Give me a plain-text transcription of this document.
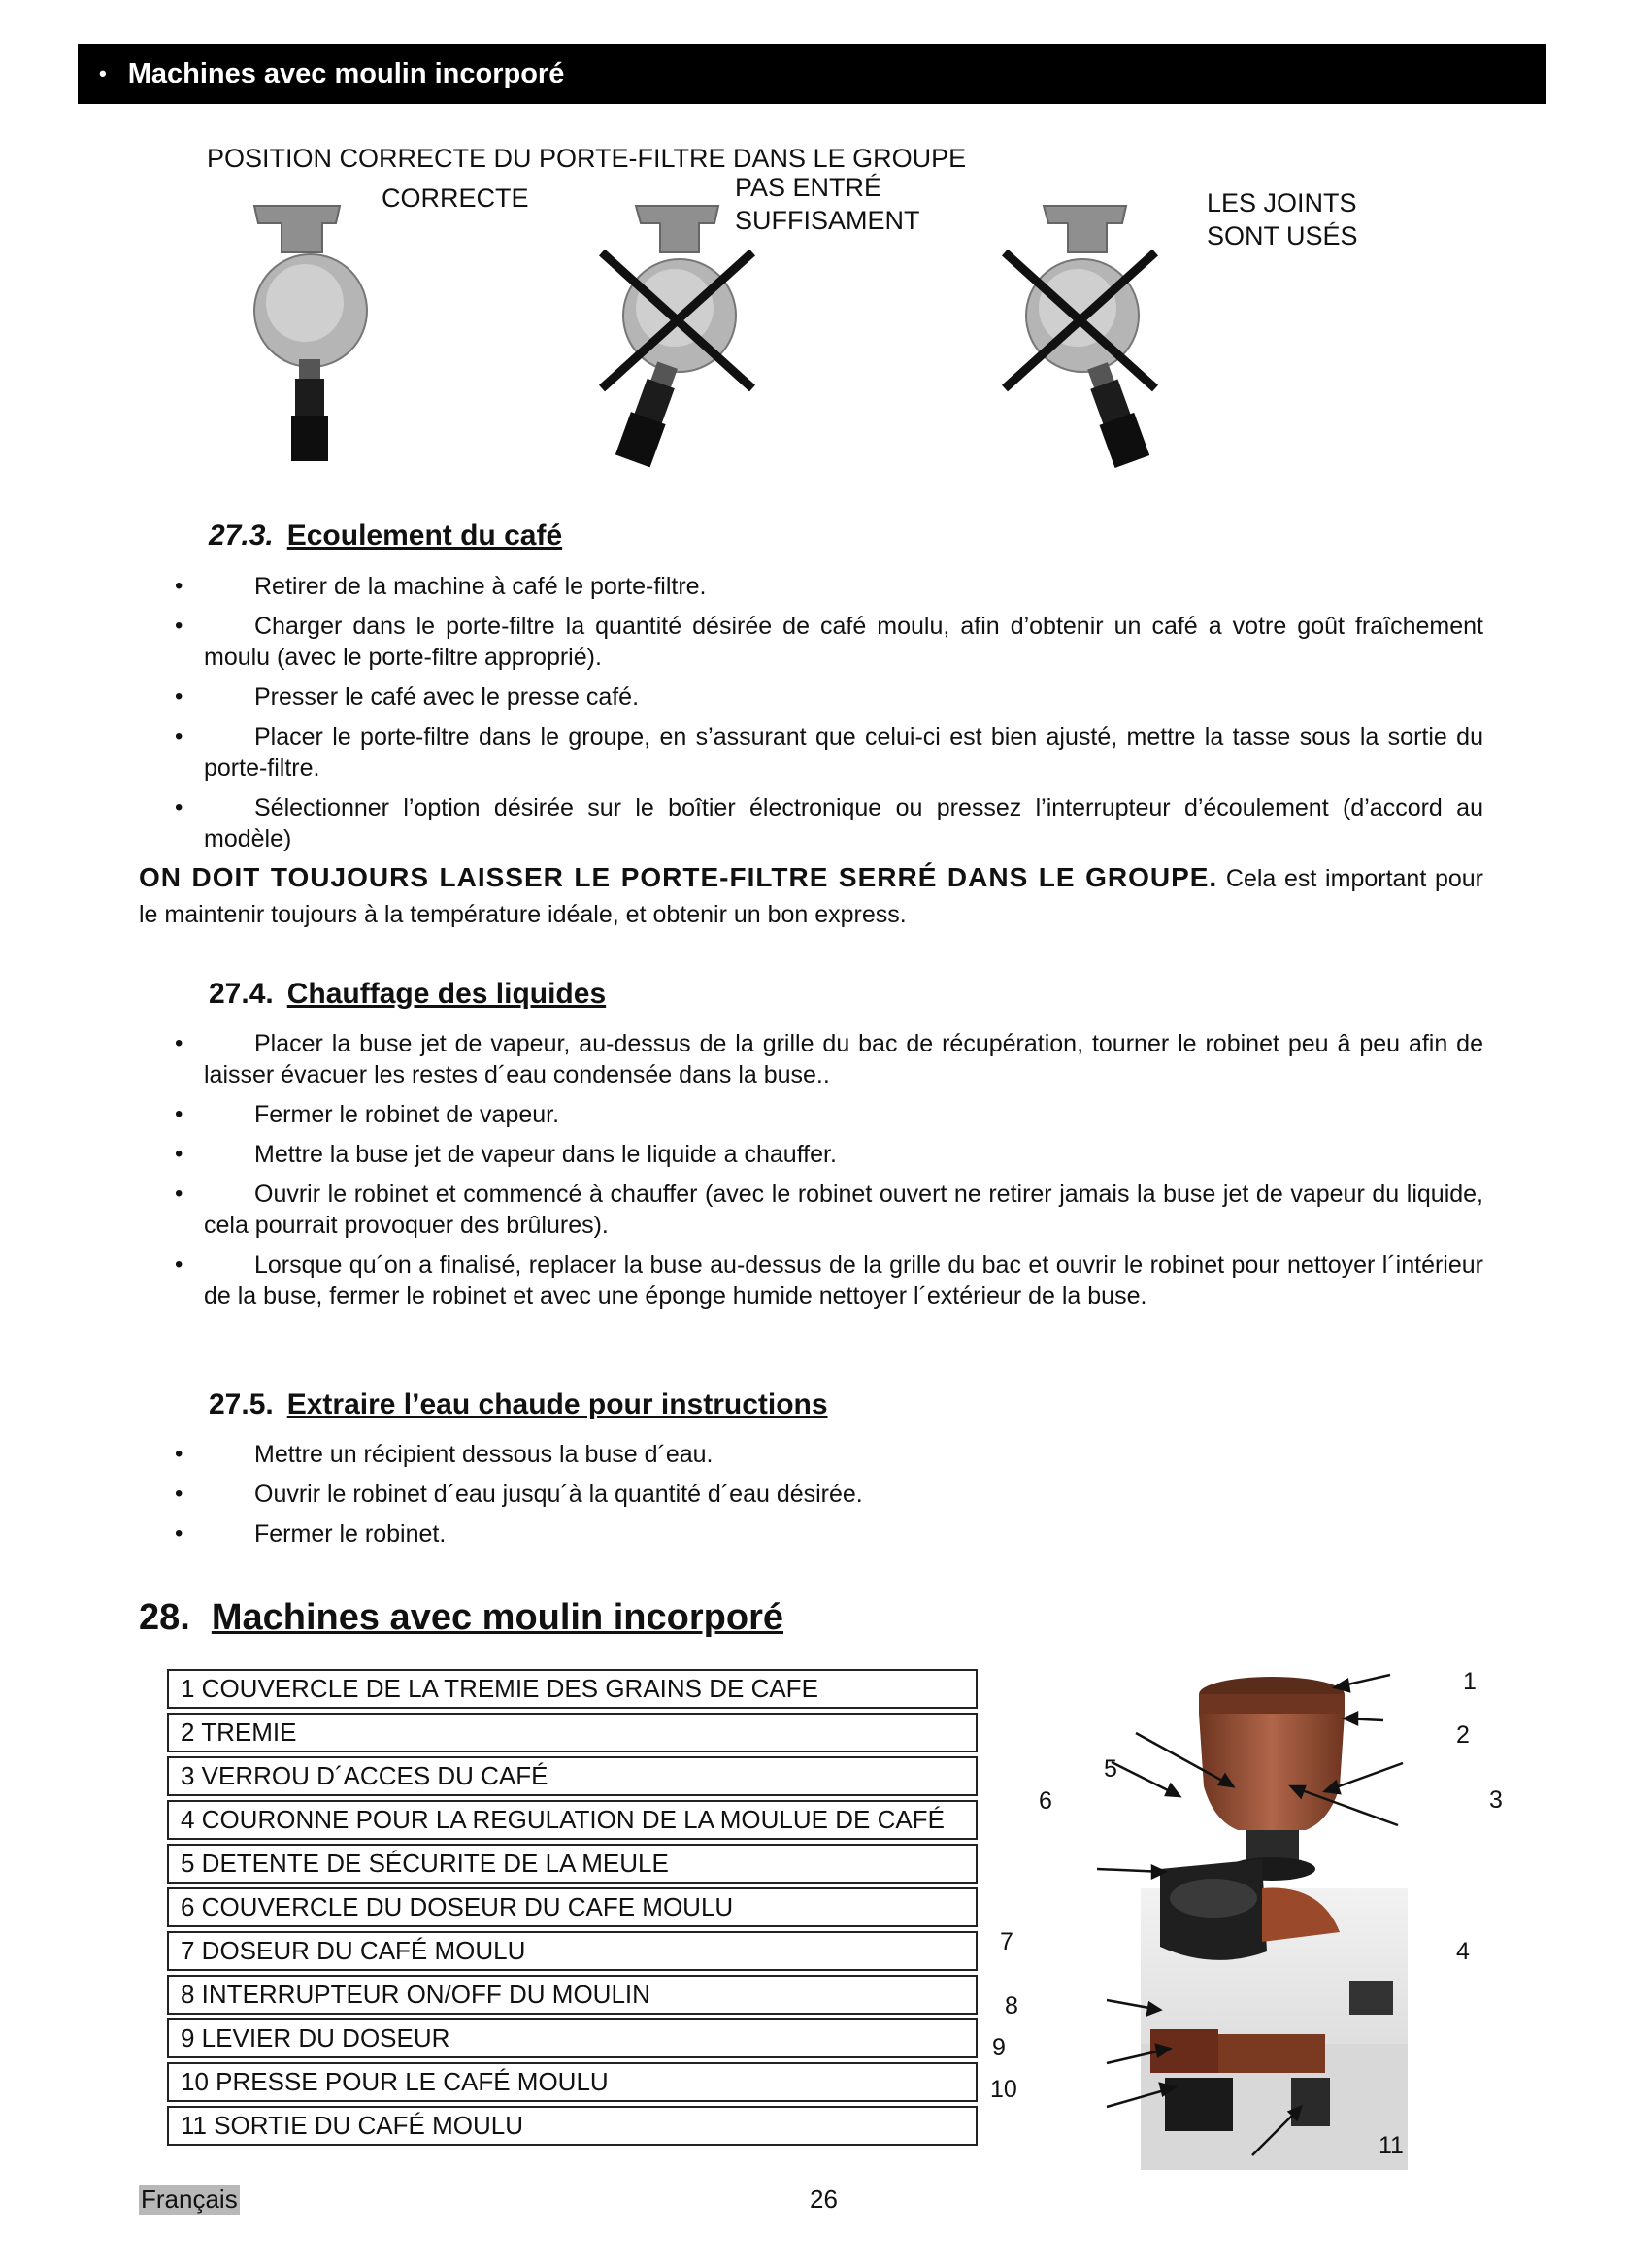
• Machines avec moulin incorporé
POSITION CORRECTE DU PORTE-FILTRE DANS LE GROUPE
CORRECTE	PAS ENTRÉ
SUFFISAMENT
LES JOINTS
SONT USÉS
27.3. Ecoulement du café
• Retirer de la machine à café le porte-filtre.
• Charger dans le porte-filtre la quantité désirée de café moulu, afin d’obtenir un café a votre goût fraîchement moulu (avec le porte-filtre approprié).
• Presser le café avec le presse café.
• Placer le porte-filtre dans le groupe, en s’assurant que celui-ci est bien ajusté, mettre la tasse sous la sortie du porte-filtre.
• Sélectionner l’option désirée sur le boîtier électronique ou pressez l’interrupteur d’écoulement (d’accord au modèle)
ON DOIT TOUJOURS LAISSER LE PORTE-FILTRE SERRÉ DANS LE GROUPE. Cela est important pour le maintenir toujours à la température idéale, et obtenir un bon express.
27.4. Chauffage des liquides
• Placer la buse jet de vapeur, au-dessus de la grille du bac de récupération, tourner le robinet peu â peu afin de laisser évacuer les restes d´eau condensée dans la buse..
• Fermer le robinet de vapeur.
• Mettre la buse jet de vapeur dans le liquide a chauffer.
• Ouvrir le robinet et commencé à chauffer (avec le robinet ouvert ne retirer jamais la buse jet de vapeur du liquide, cela pourrait provoquer des brûlures).
• Lorsque qu´on a finalisé, replacer la buse au-dessus de la grille du bac et ouvrir le robinet pour nettoyer l´intérieur de la buse, fermer le robinet et avec une éponge humide nettoyer l´extérieur de la buse.
27.5. Extraire l’eau chaude pour instructions
• Mettre un récipient dessous la buse d´eau.
• Ouvrir le robinet d´eau jusqu´à la quantité d´eau désirée.
• Fermer le robinet.
28. Machines avec moulin incorporé
1 COUVERCLE DE LA TREMIE DES GRAINS DE CAFE
2 TREMIE
3 VERROU D´ACCES DU CAFÉ
4 COURONNE POUR LA REGULATION DE LA MOULUE DE CAFÉ
5 DETENTE DE SÉCURITE DE LA MEULE
6 COUVERCLE DU DOSEUR DU CAFE MOULU
7 DOSEUR DU CAFÉ MOULU
8 INTERRUPTEUR ON/OFF DU MOULIN
9 LEVIER DU DOSEUR
10 PRESSE POUR LE CAFÉ MOULU
11 SORTIE DU CAFÉ MOULU
1
2
3
4
5
6
7
8
9
10
11
Français	26
